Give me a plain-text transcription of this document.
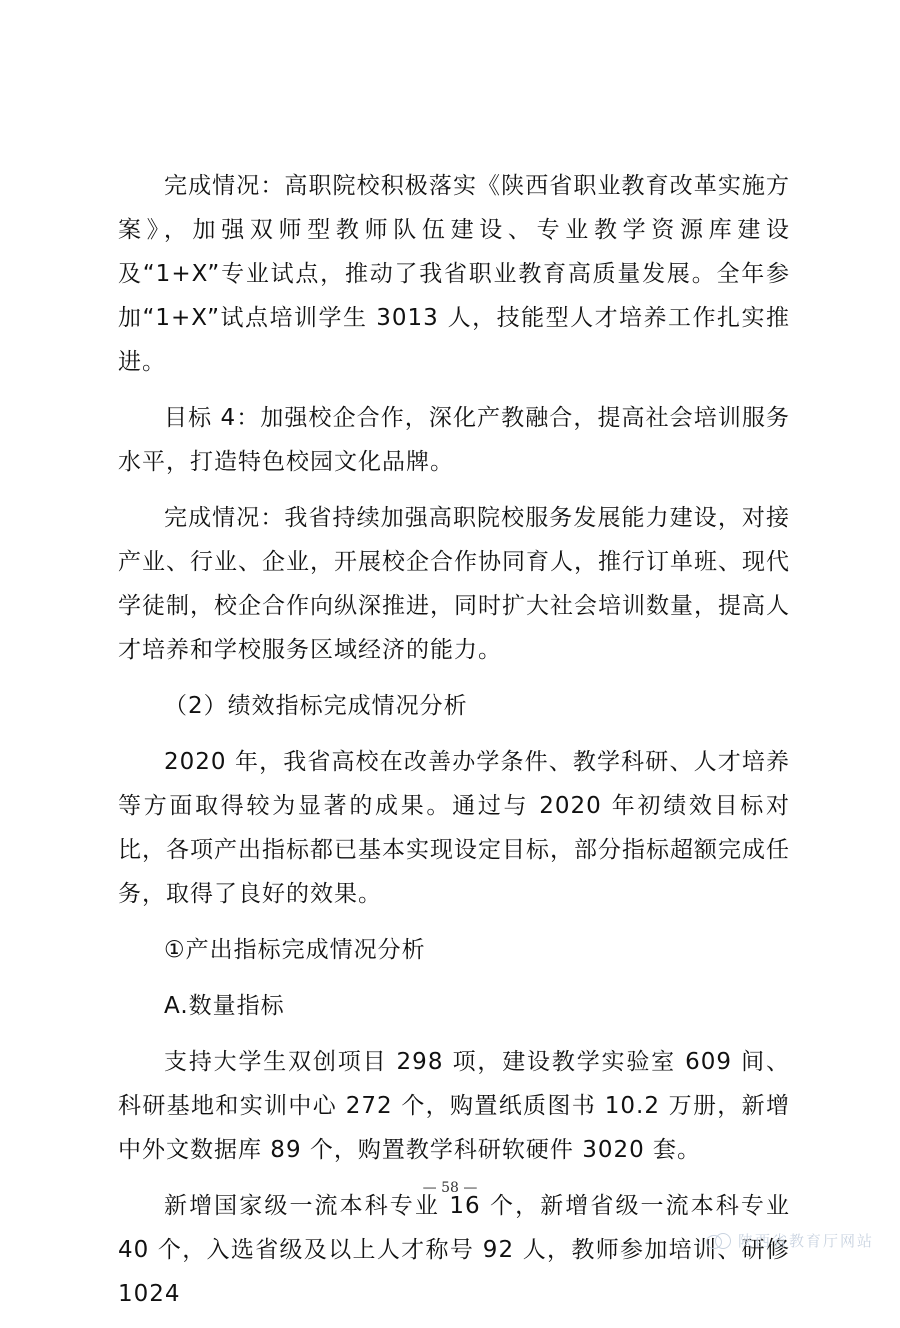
完成情况：高职院校积极落实《陕西省职业教育改革实施方案》，加强双师型教师队伍建设、专业教学资源库建设及“1+X”专业试点，推动了我省职业教育高质量发展。全年参加“1+X”试点培训学生 3013 人，技能型人才培养工作扎实推进。

目标 4：加强校企合作，深化产教融合，提高社会培训服务水平，打造特色校园文化品牌。

完成情况：我省持续加强高职院校服务发展能力建设，对接产业、行业、企业，开展校企合作协同育人，推行订单班、现代学徒制，校企合作向纵深推进，同时扩大社会培训数量，提高人才培养和学校服务区域经济的能力。

（2）绩效指标完成情况分析

2020 年，我省高校在改善办学条件、教学科研、人才培养等方面取得较为显著的成果。通过与 2020 年初绩效目标对比，各项产出指标都已基本实现设定目标，部分指标超额完成任务，取得了良好的效果。

①产出指标完成情况分析

A.数量指标

支持大学生双创项目 298 项，建设教学实验室 609 间、科研基地和实训中心 272 个，购置纸质图书 10.2 万册，新增中外文数据库 89 个，购置教学科研软硬件 3020 套。

新增国家级一流本科专业 16 个，新增省级一流本科专业 40 个，入选省级及以上人才称号 92 人，教师参加培训、研修 1024

— 58 —
陕西省教育厅网站
